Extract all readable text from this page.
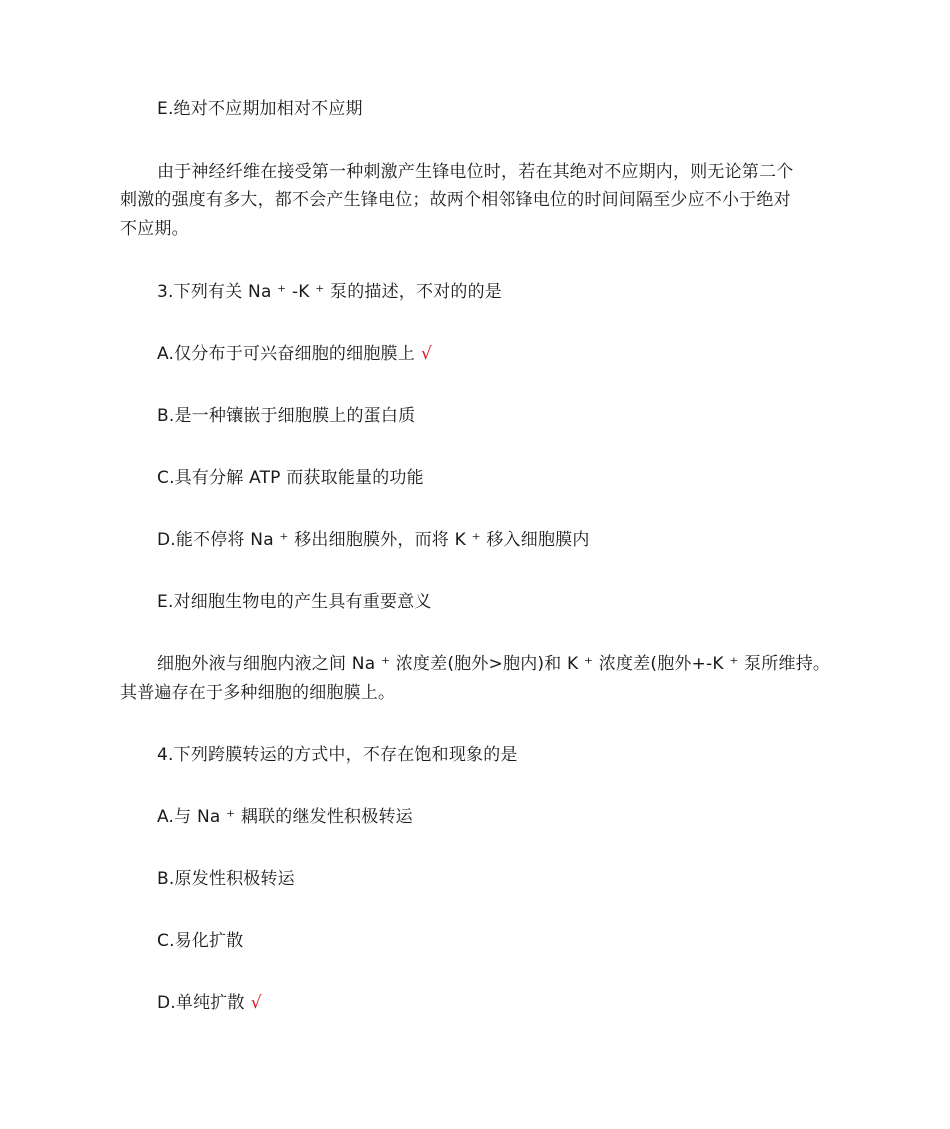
E.绝对不应期加相对不应期
由于神经纤维在接受第一种刺激产生锋电位时，若在其绝对不应期内，则无论第二个
刺激的强度有多大，都不会产生锋电位；故两个相邻锋电位的时间间隔至少应不小于绝对
不应期。
3.下列有关 Na ⁺ -K ⁺ 泵的描述，不对的的是
A.仅分布于可兴奋细胞的细胞膜上 √
B.是一种镶嵌于细胞膜上的蛋白质
C.具有分解 ATP 而获取能量的功能
D.能不停将 Na ⁺ 移出细胞膜外，而将 K ⁺ 移入细胞膜内
E.对细胞生物电的产生具有重要意义
细胞外液与细胞内液之间 Na ⁺ 浓度差(胞外>胞内)和 K ⁺ 浓度差(胞外+-K ⁺ 泵所维持。
其普遍存在于多种细胞的细胞膜上。
4.下列跨膜转运的方式中，不存在饱和现象的是
A.与 Na ⁺ 耦联的继发性积极转运
B.原发性积极转运
C.易化扩散
D.单纯扩散 √
